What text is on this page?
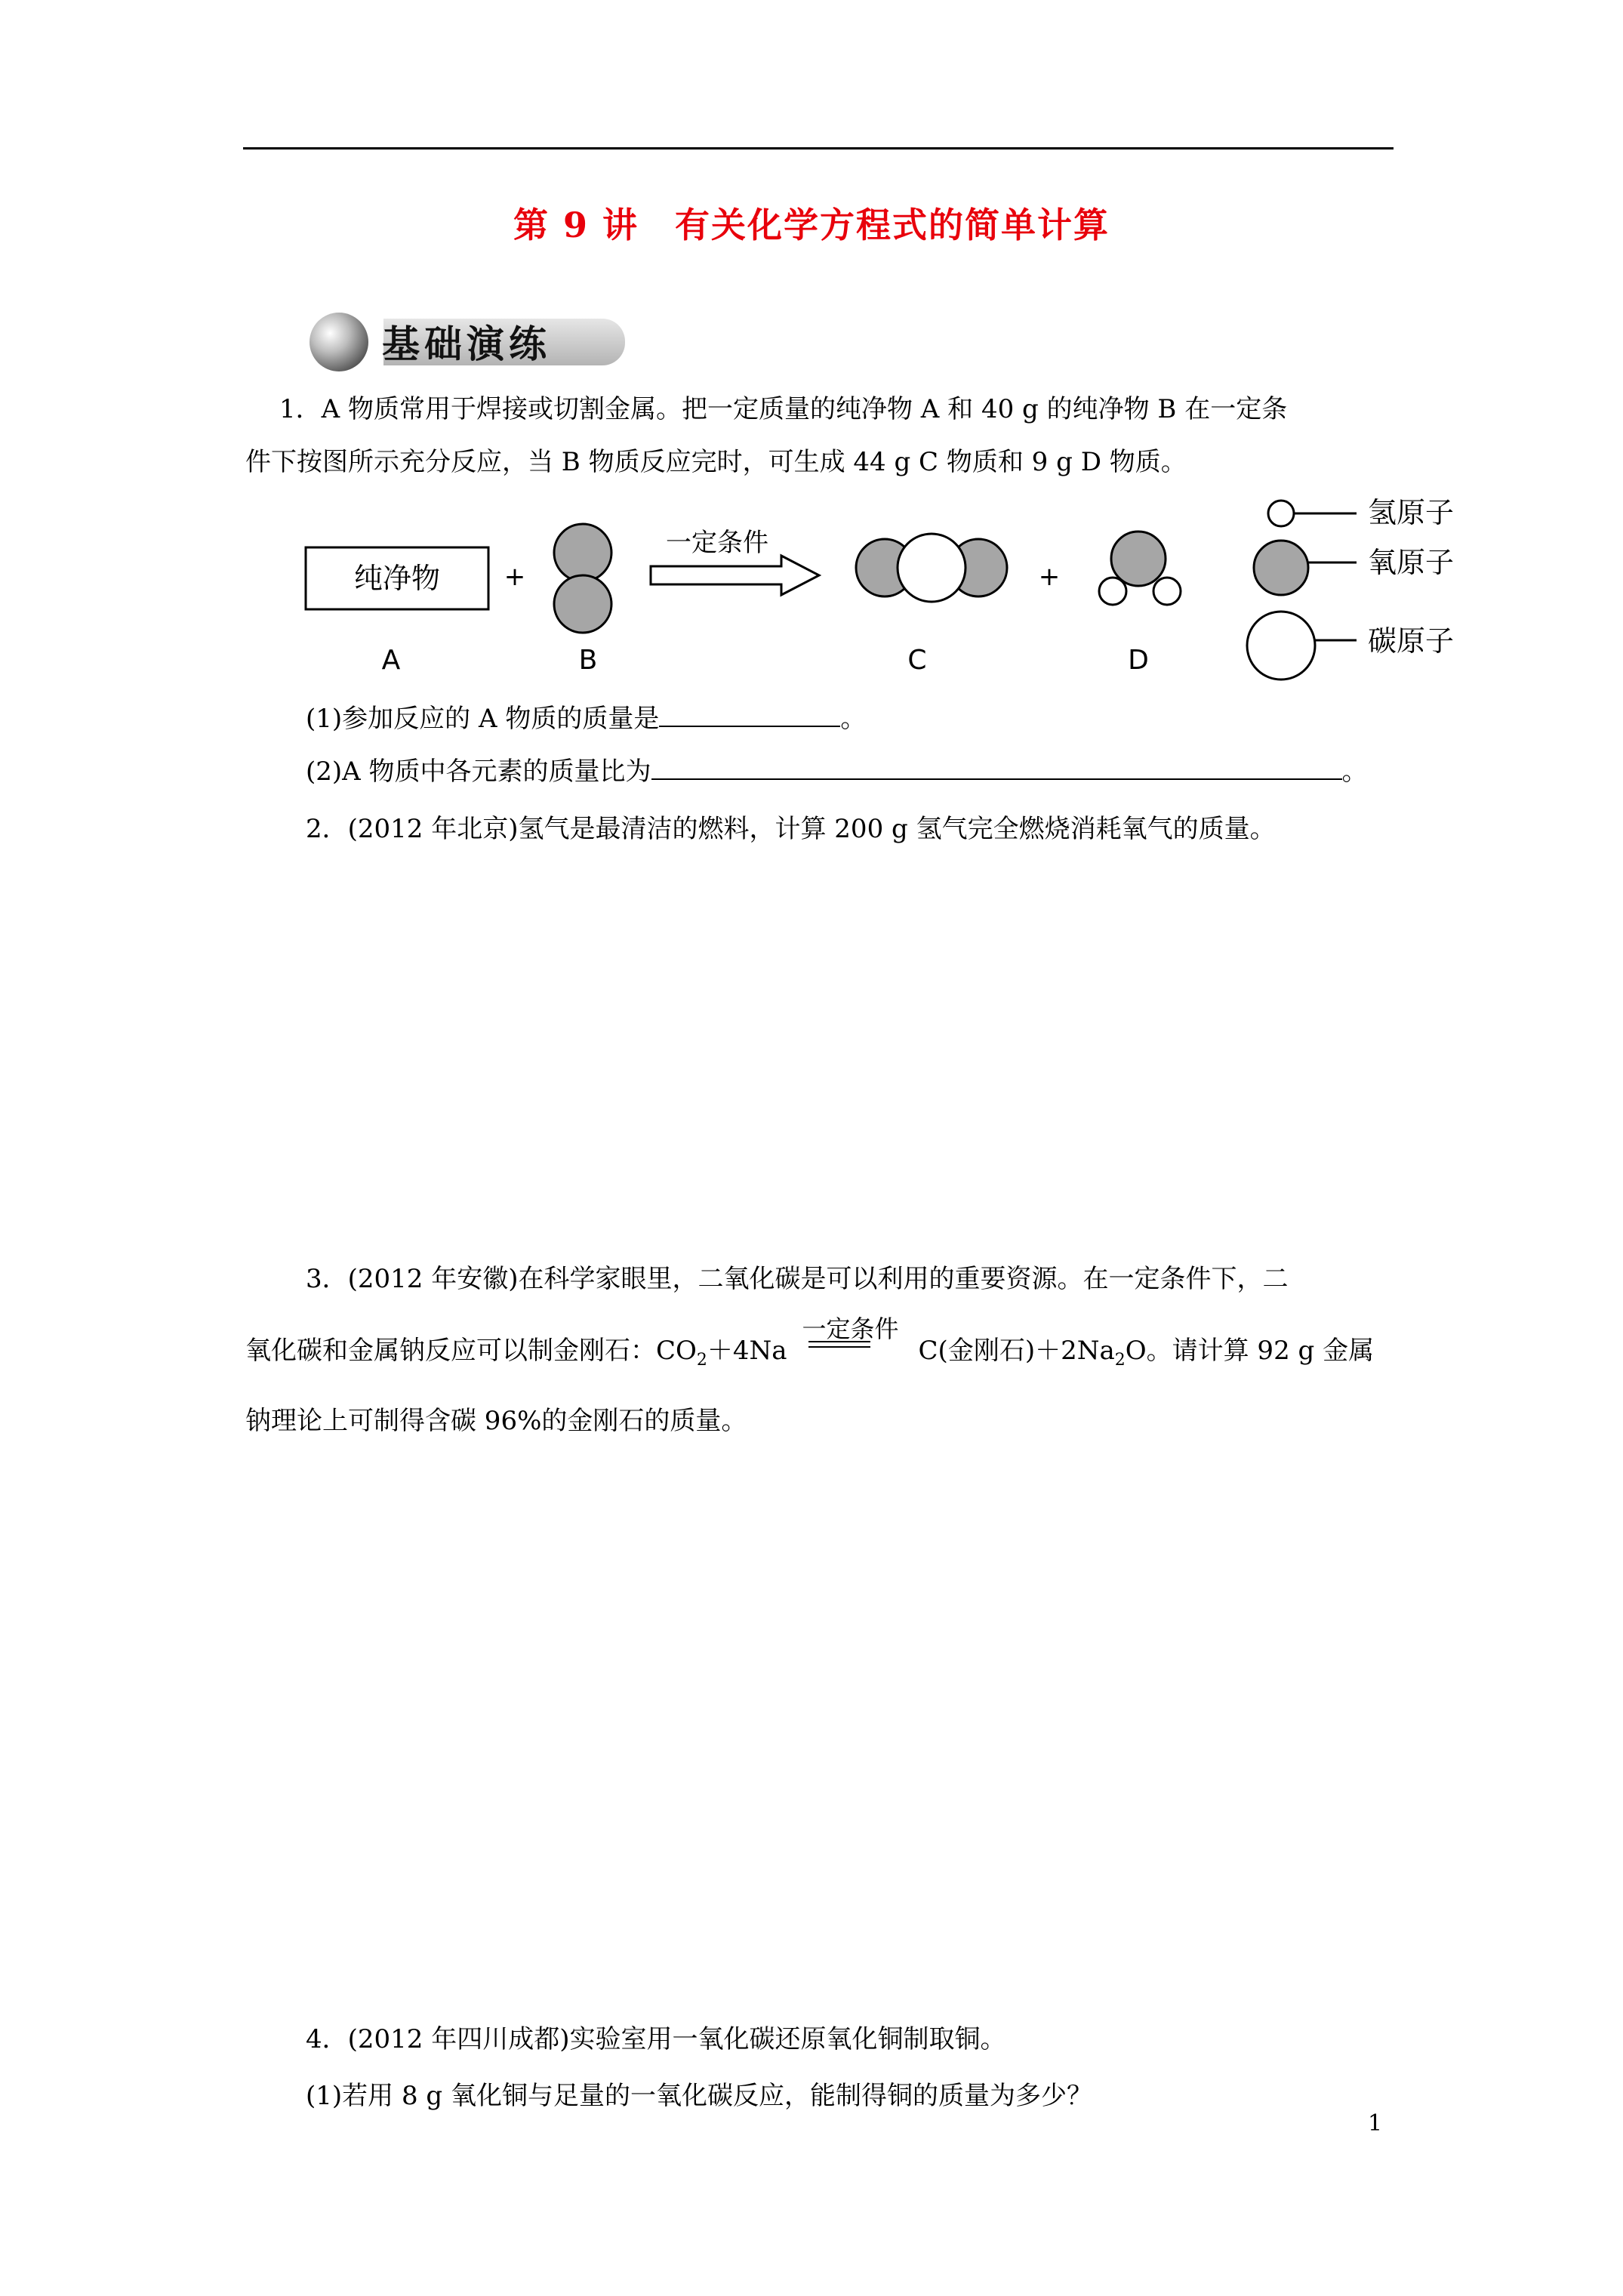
第 9 讲　有关化学方程式的简单计算
基础演练
1．A 物质常用于焊接或切割金属。把一定质量的纯净物 A 和 40 g 的纯净物 B 在一定条
件下按图所示充分反应，当 B 物质反应完时，可生成 44 g C 物质和 9 g D 物质。
纯净物 +
一定条件
+
A	B	C	D
氢原子
氧原子
碳原子
(1)参加反应的 A 物质的质量是	。
(2)A 物质中各元素的质量比为	。
2．(2012 年北京)氢气是最清洁的燃料，计算 200 g 氢气完全燃烧消耗氧气的质量。
3．(2012 年安徽)在科学家眼里，二氧化碳是可以利用的重要资源。在一定条件下，二
氧化碳和金属钠反应可以制金刚石：$CO_2+4Na$
一定条件
C(金刚石)$+2Na_2O$。请计算 92 g 金属
钠理论上可制得含碳 96%的金刚石的质量。
4．(2012 年四川成都)实验室用一氧化碳还原氧化铜制取铜。
(1)若用 8 g 氧化铜与足量的一氧化碳反应，能制得铜的质量为多少？
1
